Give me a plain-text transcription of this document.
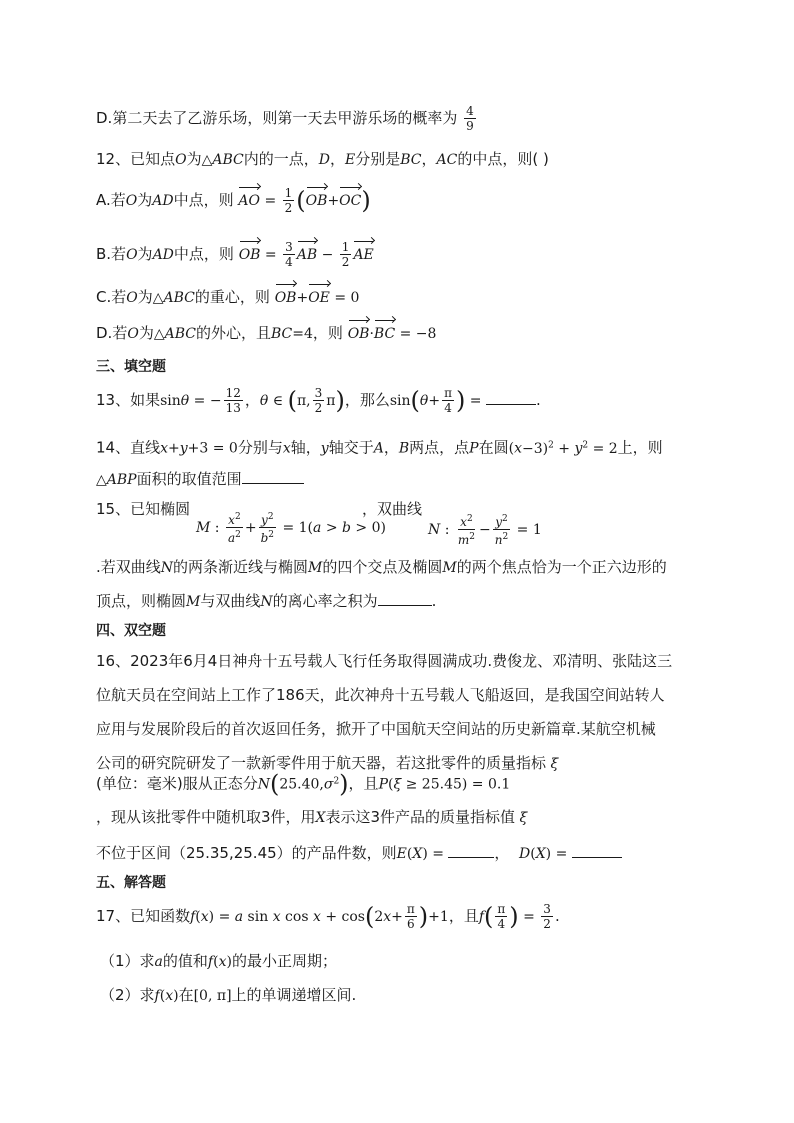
D.第二天去了乙游乐场，则第一天去甲游乐场的概率为 $\frac{4}{9}$
12、已知点O为△ABC内的一点，D，E分别是BC，AC的中点，则( )
A.若O为AD中点，则 AO = $\frac{1}{2} (OB+OC)$
B.若O为AD中点，则 OB = $\frac{3}{4}$ AB − $\frac{1}{2}$ AE
C.若O为△ABC的重心，则 OB+OE = 0
D.若O为△ABC的外心，且BC=4，则 OB·BC = −8
三、填空题
13、如果sinθ = − $\frac{12}{13}$ ，θ ∈ (π, $\frac{3}{2} \pi$)，那么$\sin(\theta+ \frac{\pi}{4}$ ) =	.
14、直线x+y+3 = 0分别与x轴，y轴交于A，B两点，点P在圆$(x-3)^2 + y^2 = 2$上，则
△ABP面积的取值范围
15、已知椭圆
M : $\frac{x^2}{a^2} + \frac{y^2}{b^2} = 1(a > b > 0)$
，双曲线
N : $\frac{x^2}{m^2} - \frac{y^2}{n^2} = 1$
.若双曲线N的两条渐近线与椭圆M的四个交点及椭圆M的两个焦点恰为一个正六边形的
顶点，则椭圆M与双曲线N的离心率之积为	.
四、双空题
16、2023年6月4日神舟十五号载人飞行任务取得圆满成功.费俊龙、邓清明、张陆这三
位航天员在空间站上工作了186天，此次神舟十五号载人飞船返回，是我国空间站转人
应用与发展阶段后的首次返回任务，掀开了中国航天空间站的历史新篇章.某航空机械
公司的研究院研发了一款新零件用于航天器，若这批零件的质量指标 ξ
(单位：毫米)服从正态分$N(25.40,\sigma^2)$，且P(ξ ≥ 25.45) = 0.1
，现从该批零件中随机取3件，用X表示这3件产品的质量指标值 ξ
不位于区间（25.35,25.45）的产品件数，则E(X) =	， D(X) =
五、解答题
17、已知函数f(x) = a sin x $\cos x + \cos(2x+ \frac{\pi}{6} )+1$，且$f( \frac{\pi}{4}$ ) = $\frac{3}{2}$ .
（1）求a的值和f(x)的最小正周期；
（2）求f(x)在[0, π]上的单调递增区间.
